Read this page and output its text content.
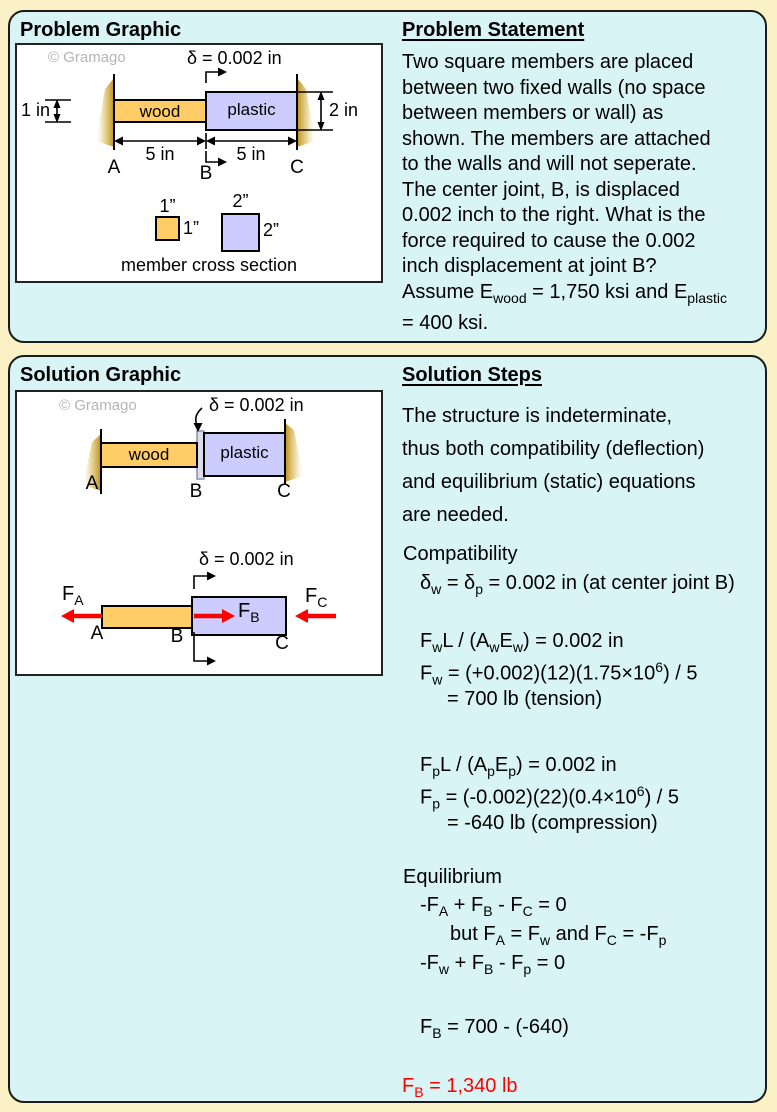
Problem Graphic
© Gramago	δ = 0.002 in
1 in	2 in
wood	plastic
5 in	5 in
A	B	C
1”
1”
2”
2”
member cross section
Problem Statement
Two square members are placed
between two fixed walls (no space
between members or wall) as
shown. The members are attached
to the walls and will not seperate.
The center joint, B, is displaced
0.002 inch to the right. What is the
force required to cause the 0.002
inch displacement at joint B?
Assume $E_{wood} = 1,750$ ksi and $E_{plastic}$
= 400 ksi.
Solution Graphic
© Gramago	δ = 0.002 in
wood	plastic
A	B	C
δ = 0.002 in
$F_A$	$F_B$
$F_C$
A	B	C
Solution Steps
The structure is indeterminate,
thus both compatibility (deflection)
and equilibrium (static) equations
are needed.
Compatibility
$\delta_w = \delta_p = 0.002$ in (at center joint B)
$F_wL / (A_wE_w) = 0.002$ in
$F_w = (+0.002)(12)(1.75\times 10^6) / 5$
= 700 lb (tension)
$F_pL / (A_pE_p) = 0.002$ in
$F_p = (-0.002)(22)(0.4\times 10^6) / 5$
= -640 lb (compression)
Equilibrium
$-F_A + F_B - F_C = 0$
but $F_A = F_w$ and $F_C = -F_p$
$-F_w + F_B - F_p = 0$
$F_B = 700 - (-640)$
$F_B = 1,340$ lb
